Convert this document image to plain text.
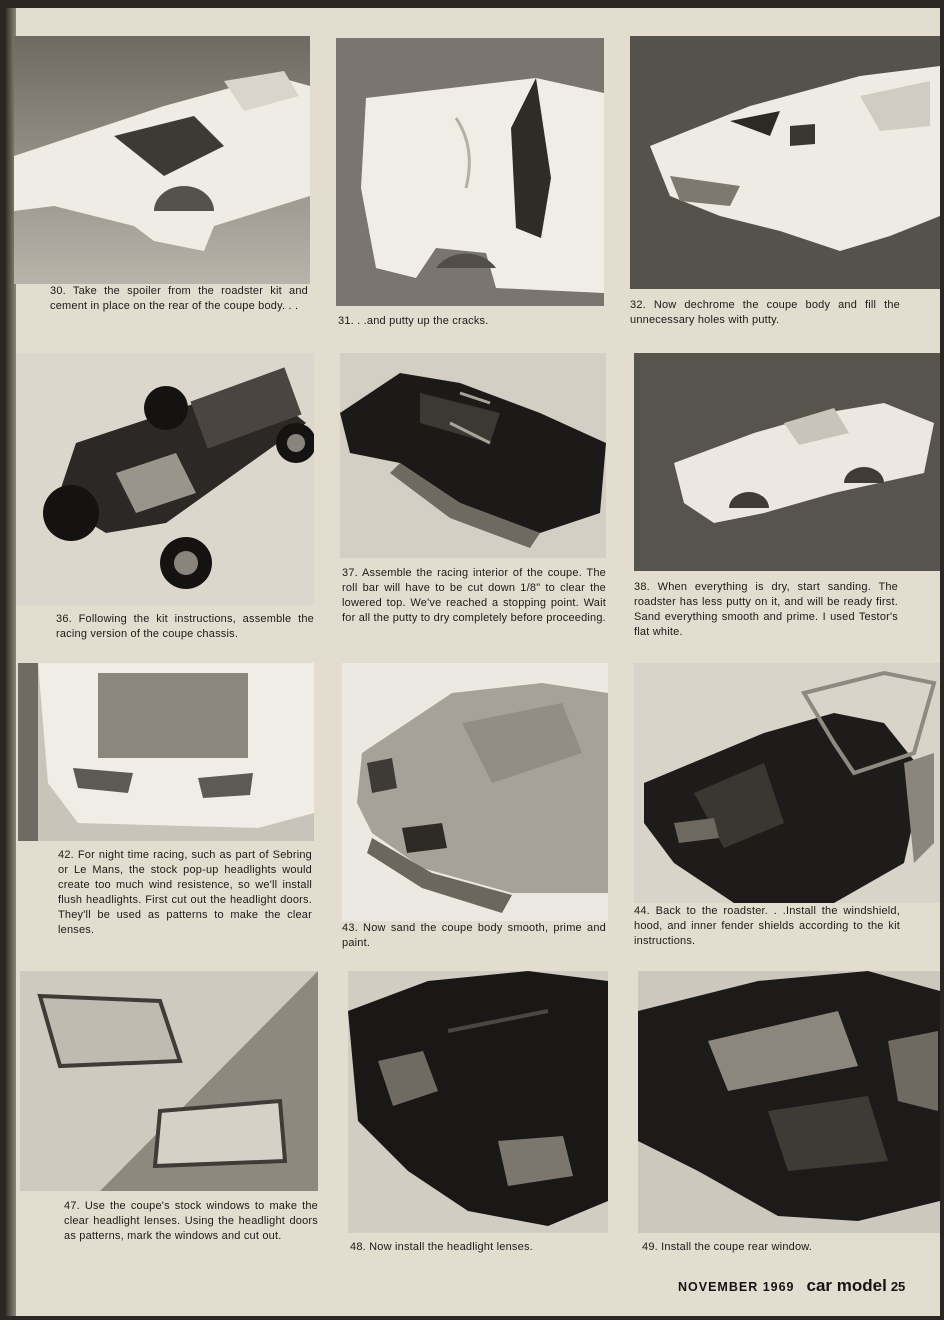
30. Take the spoiler from the roadster kit and cement in place on the rear of the coupe body. . .
31. . .and putty up the cracks.
32. Now dechrome the coupe body and fill the unnecessary holes with putty.
36. Following the kit instructions, assemble the racing version of the coupe chassis.
37. Assemble the racing interior of the coupe. The roll bar will have to be cut down 1/8" to clear the lowered top. We've reached a stopping point. Wait for all the putty to dry completely before proceeding.
38. When everything is dry, start sanding. The roadster has less putty on it, and will be ready first. Sand everything smooth and prime. I used Testor's flat white.
42. For night time racing, such as part of Sebring or Le Mans, the stock pop-up headlights would create too much wind resistence, so we'll install flush headlights. First cut out the headlight doors. They'll be used as patterns to make the clear lenses.	43. Now sand the coupe body smooth, prime and paint.
44. Back to the roadster. . .Install the windshield, hood, and inner fender shields according to the kit instructions.
47. Use the coupe's stock windows to make the clear headlight lenses. Using the headlight doors as patterns, mark the windows and cut out.
48. Now install the headlight lenses.	49. Install the coupe rear window.
NOVEMBER 1969 car model 25
